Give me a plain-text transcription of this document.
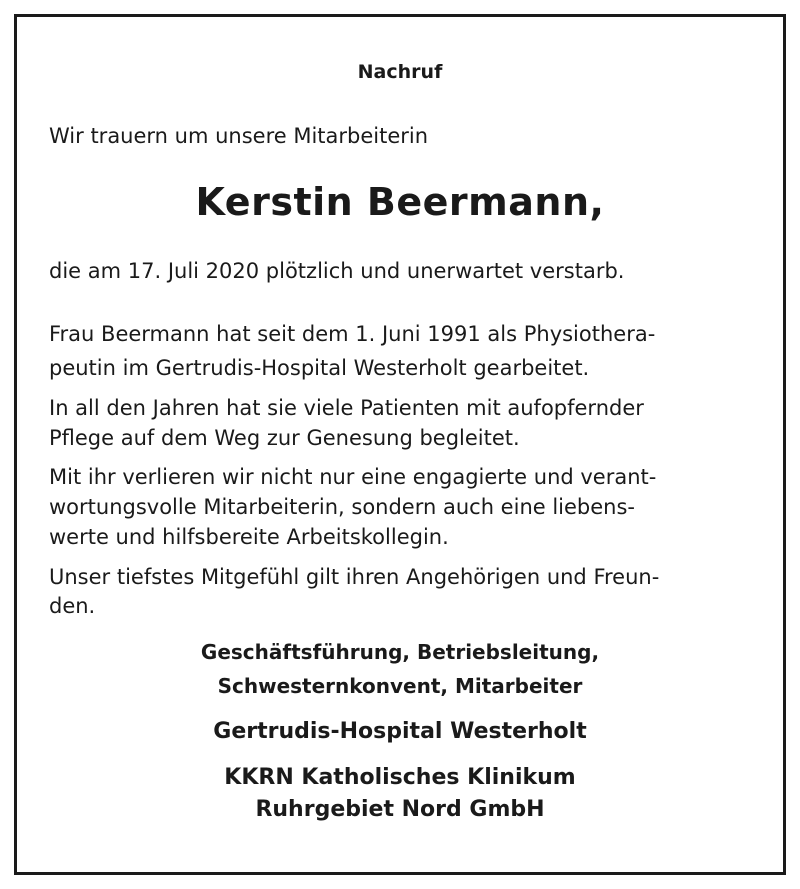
Nachruf
Wir trauern um unsere Mitarbeiterin
Kerstin Beermann,
die am 17. Juli 2020 plötzlich und unerwartet verstarb.
Frau Beermann hat seit dem 1. Juni 1991 als Physiothera-
peutin im Gertrudis-Hospital Westerholt gearbeitet.
In all den Jahren hat sie viele Patienten mit aufopfernder
Pflege auf dem Weg zur Genesung begleitet.
Mit ihr verlieren wir nicht nur eine engagierte und verant-
wortungsvolle Mitarbeiterin, sondern auch eine liebens-
werte und hilfsbereite Arbeitskollegin.
Unser tiefstes Mitgefühl gilt ihren Angehörigen und Freun-
den.
Geschäftsführung, Betriebsleitung,
Schwesternkonvent, Mitarbeiter
Gertrudis-Hospital Westerholt
KKRN Katholisches Klinikum
Ruhrgebiet Nord GmbH
